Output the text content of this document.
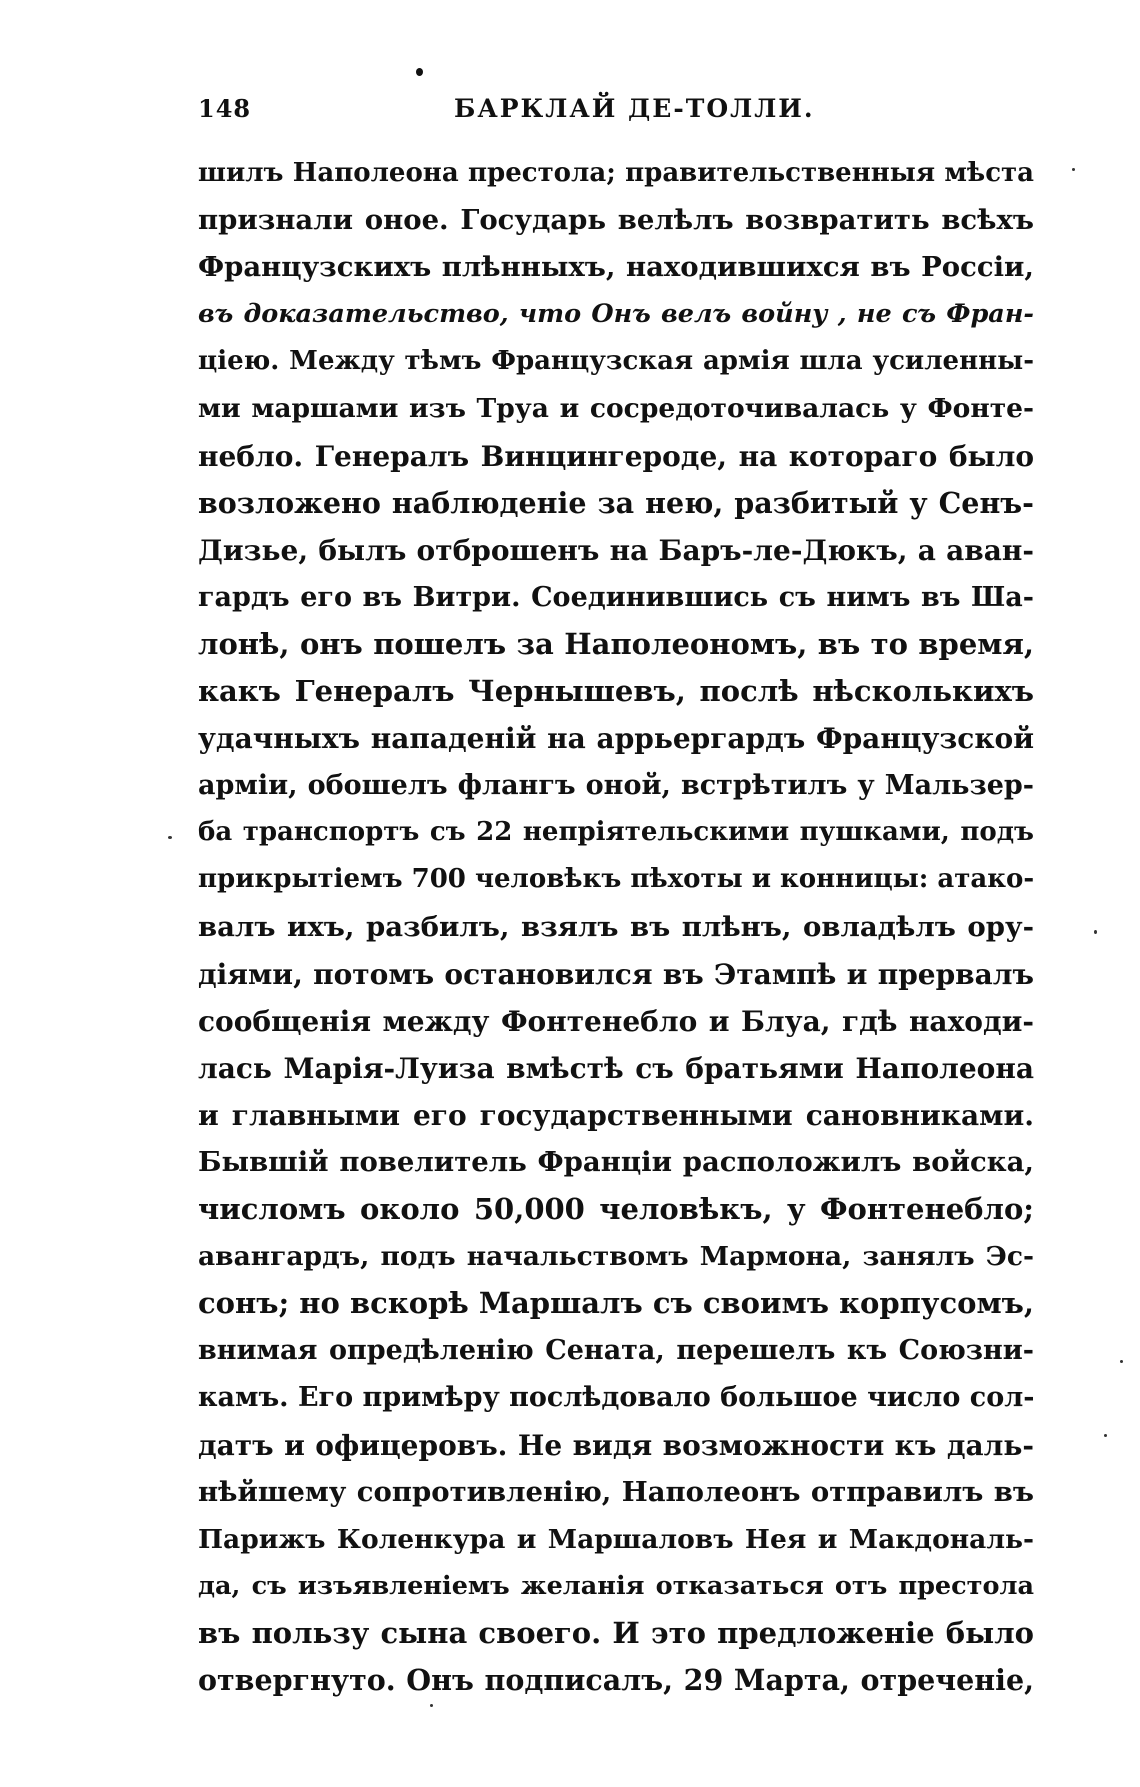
148	БАРКЛАЙ ДЕ-ТОЛЛИ.
шилъ Наполеона престола; правительственныя мѣста
признали оное. Государь велѣлъ возвратить всѣхъ
Французскихъ плѣнныхъ, находившихся въ Россіи,
въ доказательство, что Онъ велъ войну , не съ Фран-
ціею. Между тѣмъ Французская армія шла усиленны-
ми маршами изъ Труа и сосредоточивалась у Фонте-
небло. Генералъ Винцингероде, на котораго было
возложено наблюденіе за нею, разбитый у Сенъ-
Дизье, былъ отброшенъ на Баръ-ле-Дюкъ, а аван-
гардъ его въ Витри. Соединившись съ нимъ въ Ша-
лонѣ, онъ пошелъ за Наполеономъ, въ то время,
какъ Генералъ Чернышевъ, послѣ нѣсколькихъ
удачныхъ нападеній на аррьергардъ Французской
арміи, обошелъ флангъ оной, встрѣтилъ у Мальзер-
ба транспортъ съ 22 непріятельскими пушками, подъ
прикрытіемъ 700 человѣкъ пѣхоты и конницы: атако-
валъ ихъ, разбилъ, взялъ въ плѣнъ, овладѣлъ ору-
діями, потомъ остановился въ Этампѣ и прервалъ
сообщенія между Фонтенебло и Блуа, гдѣ находи-
лась Марія-Луиза вмѣстѣ съ братьями Наполеона
и главными его государственными сановниками.
Бывшій повелитель Франціи расположилъ войска,
числомъ около 50,000 человѣкъ, у Фонтенебло;
авангардъ, подъ начальствомъ Мармона, занялъ Эс-
сонъ; но вскорѣ Маршалъ съ своимъ корпусомъ,
внимая опредѣленію Сената, перешелъ къ Союзни-
камъ. Его примѣру послѣдовало большое число сол-
датъ и офицеровъ. Не видя возможности къ даль-
нѣйшему сопротивленію, Наполеонъ отправилъ въ
Парижъ Коленкура и Маршаловъ Нея и Макдональ-
да, съ изъявленіемъ желанія отказаться отъ престола
въ пользу сына своего. И это предложеніе было
отвергнуто. Онъ подписалъ, 29 Марта, отреченіе,
